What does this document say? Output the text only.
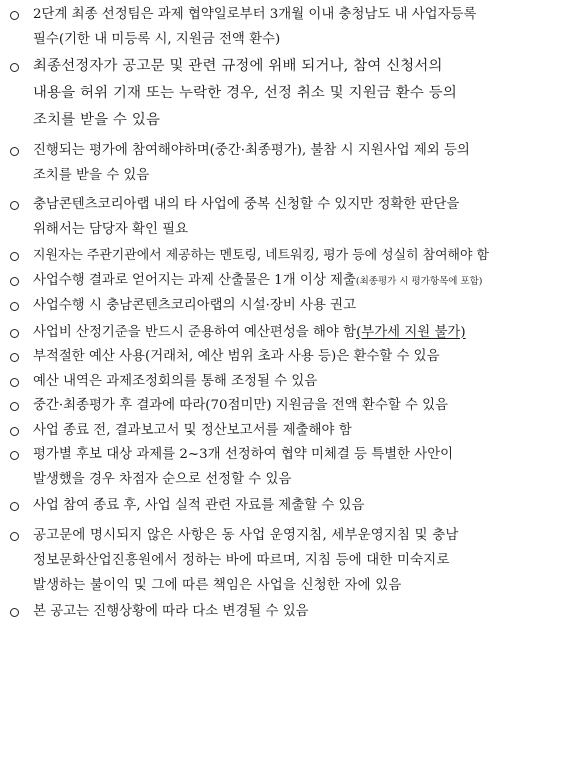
2단계 최종 선정팀은 과제 협약일로부터 3개월 이내 충청남도 내 사업자등록
필수(기한 내 미등록 시, 지원금 전액 환수)
최종선정자가 공고문 및 관련 규정에 위배 되거나, 참여 신청서의
내용을 허위 기재 또는 누락한 경우, 선정 취소 및 지원금 환수 등의
조치를 받을 수 있음
진행되는 평가에 참여해야하며(중간·최종평가), 불참 시 지원사업 제외 등의
조치를 받을 수 있음
충남콘텐츠코리아랩 내의 타 사업에 중복 신청할 수 있지만 정확한 판단을
위해서는 담당자 확인 필요
지원자는 주관기관에서 제공하는 멘토링, 네트워킹, 평가 등에 성실히 참여해야 함
사업수행 결과로 얻어지는 과제 산출물은 1개 이상 제출(최종평가 시 평가항목에 포함)
사업수행 시 충남콘텐츠코리아랩의 시설·장비 사용 권고
사업비 산정기준을 반드시 준용하여 예산편성을 해야 함(부가세 지원 불가)
부적절한 예산 사용(거래처, 예산 범위 초과 사용 등)은 환수할 수 있음
예산 내역은 과제조정회의를 통해 조정될 수 있음
중간·최종평가 후 결과에 따라(70점미만) 지원금을 전액 환수할 수 있음
사업 종료 전, 결과보고서 및 정산보고서를 제출해야 함
평가별 후보 대상 과제를 2~3개 선정하여 협약 미체결 등 특별한 사안이
발생했을 경우 차점자 순으로 선정할 수 있음
사업 참여 종료 후, 사업 실적 관련 자료를 제출할 수 있음
공고문에 명시되지 않은 사항은 동 사업 운영지침, 세부운영지침 및 충남
정보문화산업진흥원에서 정하는 바에 따르며, 지침 등에 대한 미숙지로
발생하는 불이익 및 그에 따른 책임은 사업을 신청한 자에 있음
본 공고는 진행상황에 따라 다소 변경될 수 있음
